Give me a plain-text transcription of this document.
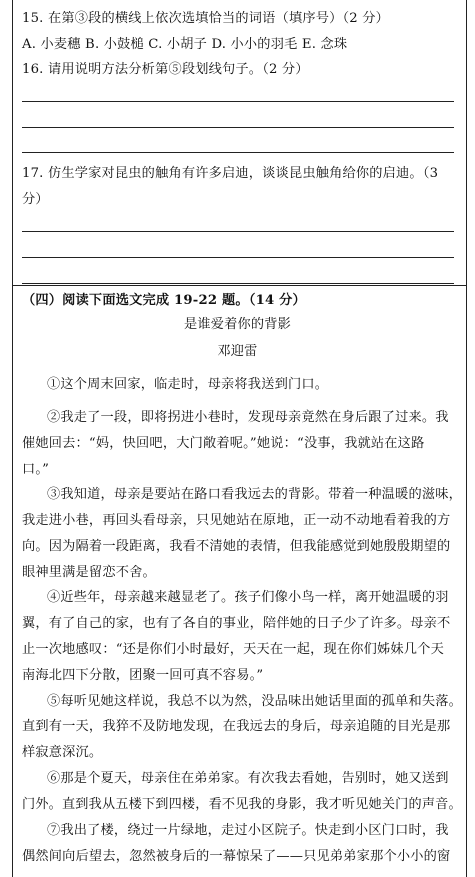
15. 在第③段的横线上依次选填恰当的词语（填序号）（2 分）
A. 小麦穗 B. 小鼓槌 C. 小胡子 D. 小小的羽毛 E. 念珠
16. 请用说明方法分析第⑤段划线句子。（2 分）
17. 仿生学家对昆虫的触角有许多启迪，谈谈昆虫触角给你的启迪。（3
分）
（四）阅读下面选文完成 19-22 题。（14 分）
是谁爱着你的背影
邓迎雷
①这个周末回家，临走时，母亲将我送到门口。
②我走了一段，即将拐进小巷时，发现母亲竟然在身后跟了过来。我
催她回去：“妈，快回吧，大门敞着呢。”她说：“没事，我就站在这路
口。”
③我知道，母亲是要站在路口看我远去的背影。带着一种温暖的滋味，
我走进小巷，再回头看母亲，只见她站在原地，正一动不动地看着我的方
向。因为隔着一段距离，我看不清她的表情，但我能感觉到她殷殷期望的
眼神里满是留恋不舍。
④近些年，母亲越来越显老了。孩子们像小鸟一样，离开她温暖的羽
翼，有了自己的家，也有了各自的事业，陪伴她的日子少了许多。母亲不
止一次地感叹：“还是你们小时最好，天天在一起，现在你们姊妹几个天
南海北四下分散，团聚一回可真不容易。”
⑤每听见她这样说，我总不以为然，没品味出她话里面的孤单和失落。
直到有一天，我猝不及防地发现，在我远去的身后，母亲追随的目光是那
样寂意深沉。
⑥那是个夏天，母亲住在弟弟家。有次我去看她，告别时，她又送到
门外。直到我从五楼下到四楼，看不见我的身影，我才听见她关门的声音。
⑦我出了楼，绕过一片绿地，走过小区院子。快走到小区门口时，我
偶然间向后望去，忽然被身后的一幕惊呆了——只见弟弟家那个小小的窗
